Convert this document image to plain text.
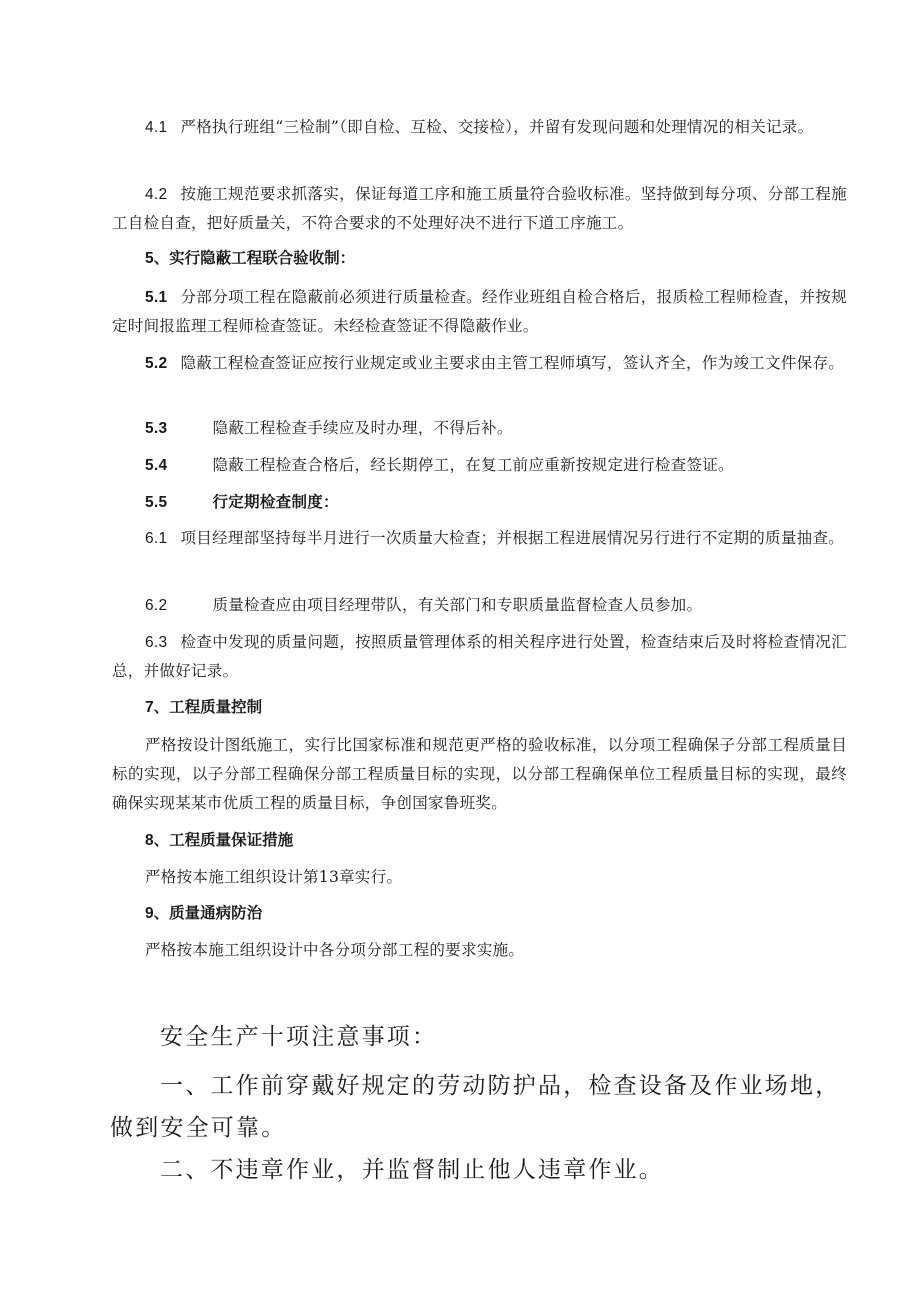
4.1 严格执行班组“三检制”（即自检、互检、交接检），并留有发现问题和处理情况的相关记录。

4.2 按施工规范要求抓落实，保证每道工序和施工质量符合验收标准。坚持做到每分项、分部工程施工自检自查，把好质量关，不符合要求的不处理好决不进行下道工序施工。

5、实行隐蔽工程联合验收制：

5.1 分部分项工程在隐蔽前必须进行质量检查。经作业班组自检合格后，报质检工程师检查，并按规定时间报监理工程师检查签证。未经检查签证不得隐蔽作业。

5.2 隐蔽工程检查签证应按行业规定或业主要求由主管工程师填写，签认齐全，作为竣工文件保存。

5.3	隐蔽工程检查手续应及时办理，不得后补。

5.4	隐蔽工程检查合格后，经长期停工，在复工前应重新按规定进行检查签证。

5.5	行定期检查制度：

6.1 项目经理部坚持每半月进行一次质量大检查；并根据工程进展情况另行进行不定期的质量抽查。

6.2	质量检查应由项目经理带队，有关部门和专职质量监督检查人员参加。

6.3 检查中发现的质量问题，按照质量管理体系的相关程序进行处置，检查结束后及时将检查情况汇总，并做好记录。

7、工程质量控制

严格按设计图纸施工，实行比国家标准和规范更严格的验收标准，以分项工程确保子分部工程质量目标的实现，以子分部工程确保分部工程质量目标的实现，以分部工程确保单位工程质量目标的实现，最终确保实现某某市优质工程的质量目标，争创国家鲁班奖。

8、工程质量保证措施

严格按本施工组织设计第13章实行。

9、质量通病防治

严格按本施工组织设计中各分项分部工程的要求实施。

安全生产十项注意事项：

一、工作前穿戴好规定的劳动防护品，检查设备及作业场地，

做到安全可靠。

二、不违章作业，并监督制止他人违章作业。
